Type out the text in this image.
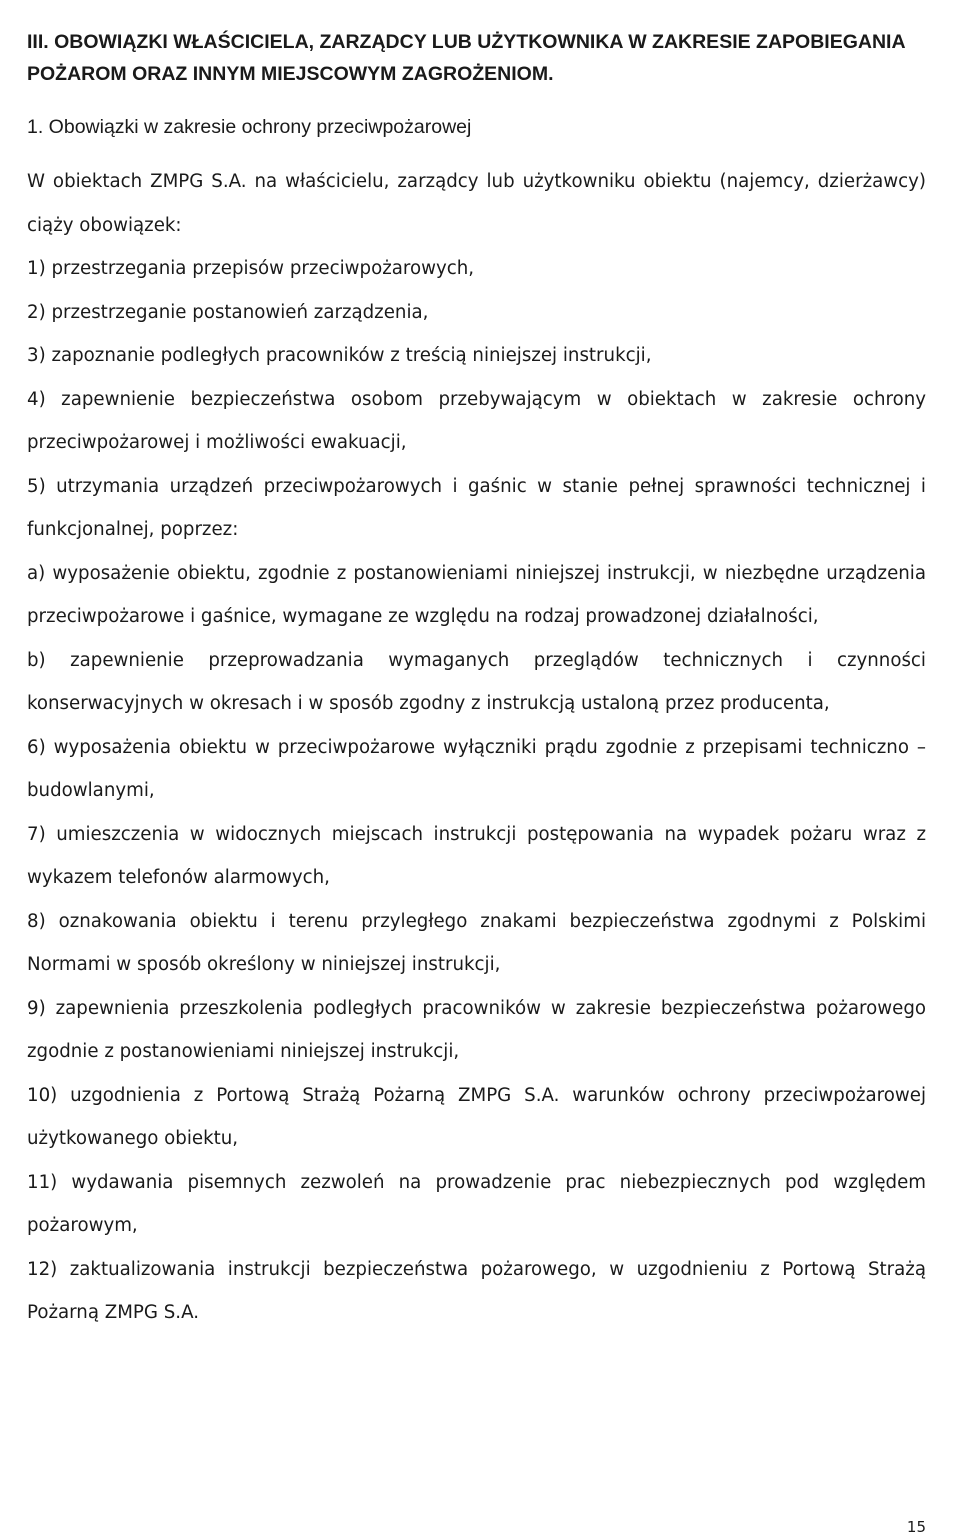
III. OBOWIĄZKI WŁAŚCICIELA, ZARZĄDCY LUB UŻYTKOWNIKA W ZAKRESIE ZAPOBIEGANIA POŻAROM ORAZ INNYM MIEJSCOWYM ZAGROŻENIOM.
1. Obowiązki w zakresie ochrony przeciwpożarowej

W obiektach ZMPG S.A. na właścicielu, zarządcy lub użytkowniku obiektu (najemcy, dzierżawcy) ciąży obowiązek:

1) przestrzegania przepisów przeciwpożarowych,

2) przestrzeganie postanowień zarządzenia,

3) zapoznanie podległych pracowników z treścią niniejszej instrukcji,

4) zapewnienie bezpieczeństwa osobom przebywającym w obiektach w zakresie ochrony przeciwpożarowej i możliwości ewakuacji,

5) utrzymania urządzeń przeciwpożarowych i gaśnic w stanie pełnej sprawności technicznej i funkcjonalnej, poprzez:

a) wyposażenie obiektu, zgodnie z postanowieniami niniejszej instrukcji, w niezbędne urządzenia przeciwpożarowe i gaśnice, wymagane ze względu na rodzaj prowadzonej działalności,

b) zapewnienie przeprowadzania wymaganych przeglądów technicznych i czynności konserwacyjnych w okresach i w sposób zgodny z instrukcją ustaloną przez producenta,

6) wyposażenia obiektu w przeciwpożarowe wyłączniki prądu zgodnie z przepisami techniczno – budowlanymi,

7) umieszczenia w widocznych miejscach instrukcji postępowania na wypadek pożaru wraz z wykazem telefonów alarmowych,

8) oznakowania obiektu i terenu przyległego znakami bezpieczeństwa zgodnymi z Polskimi Normami w sposób określony w niniejszej instrukcji,

9) zapewnienia przeszkolenia podległych pracowników w zakresie bezpieczeństwa pożarowego zgodnie z postanowieniami niniejszej instrukcji,

10) uzgodnienia z Portową Strażą Pożarną ZMPG S.A. warunków ochrony przeciwpożarowej użytkowanego obiektu,

11) wydawania pisemnych zezwoleń na prowadzenie prac niebezpiecznych pod względem pożarowym,

12) zaktualizowania instrukcji bezpieczeństwa pożarowego, w uzgodnieniu z Portową Strażą Pożarną ZMPG S.A.

15
